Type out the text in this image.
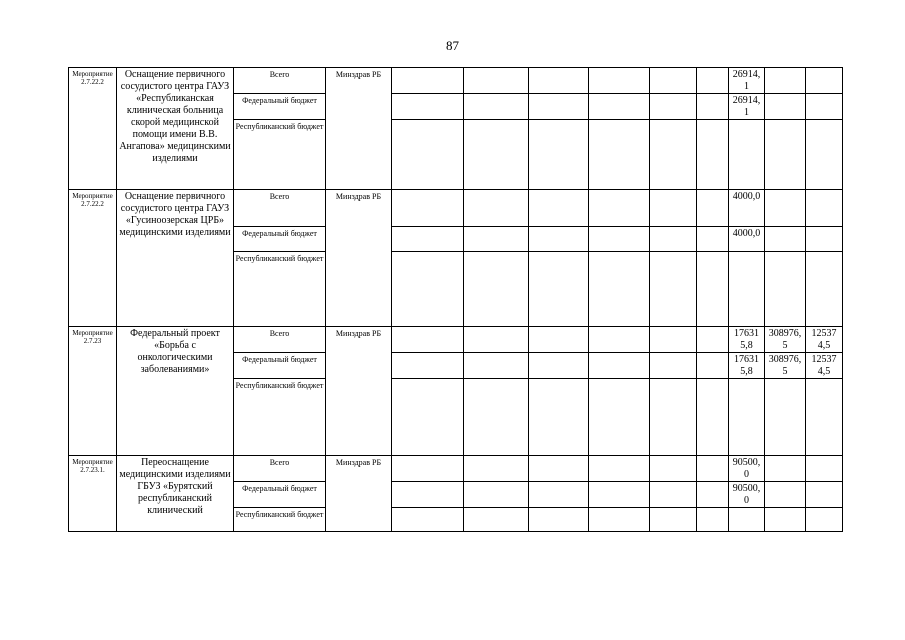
87
Мероприятие 2.7.22.2	Оснащение первичного сосудистого центра ГАУЗ «Республиканская клиническая больница скорой медицинской помощи имени В.В. Ангапова» медицинскими изделиями	Всего	Минздрав РБ							26914,1		
		Федеральный бюджет								26914,1		
		Республиканский бюджет										
Мероприятие 2.7.22.2	Оснащение первичного сосудистого центра ГАУЗ «Гусиноозерская ЦРБ» медицинскими изделиями	Всего	Минздрав РБ							4000,0		
		Федеральный бюджет								4000,0		
		Республиканский бюджет										
Мероприятие 2.7.23	Федеральный проект «Борьба с онкологическими заболеваниями»	Всего	Минздрав РБ							176315,8	308976,5	125374,5
		Федеральный бюджет								176315,8	308976,5	125374,5
		Республиканский бюджет										
Мероприятие 2.7.23.1.	Переоснащение медицинскими изделиями ГБУЗ «Бурятский республиканский клинический	Всего	Минздрав РБ							90500,0		
		Федеральный бюджет								90500,0		
		Республиканский бюджет										
